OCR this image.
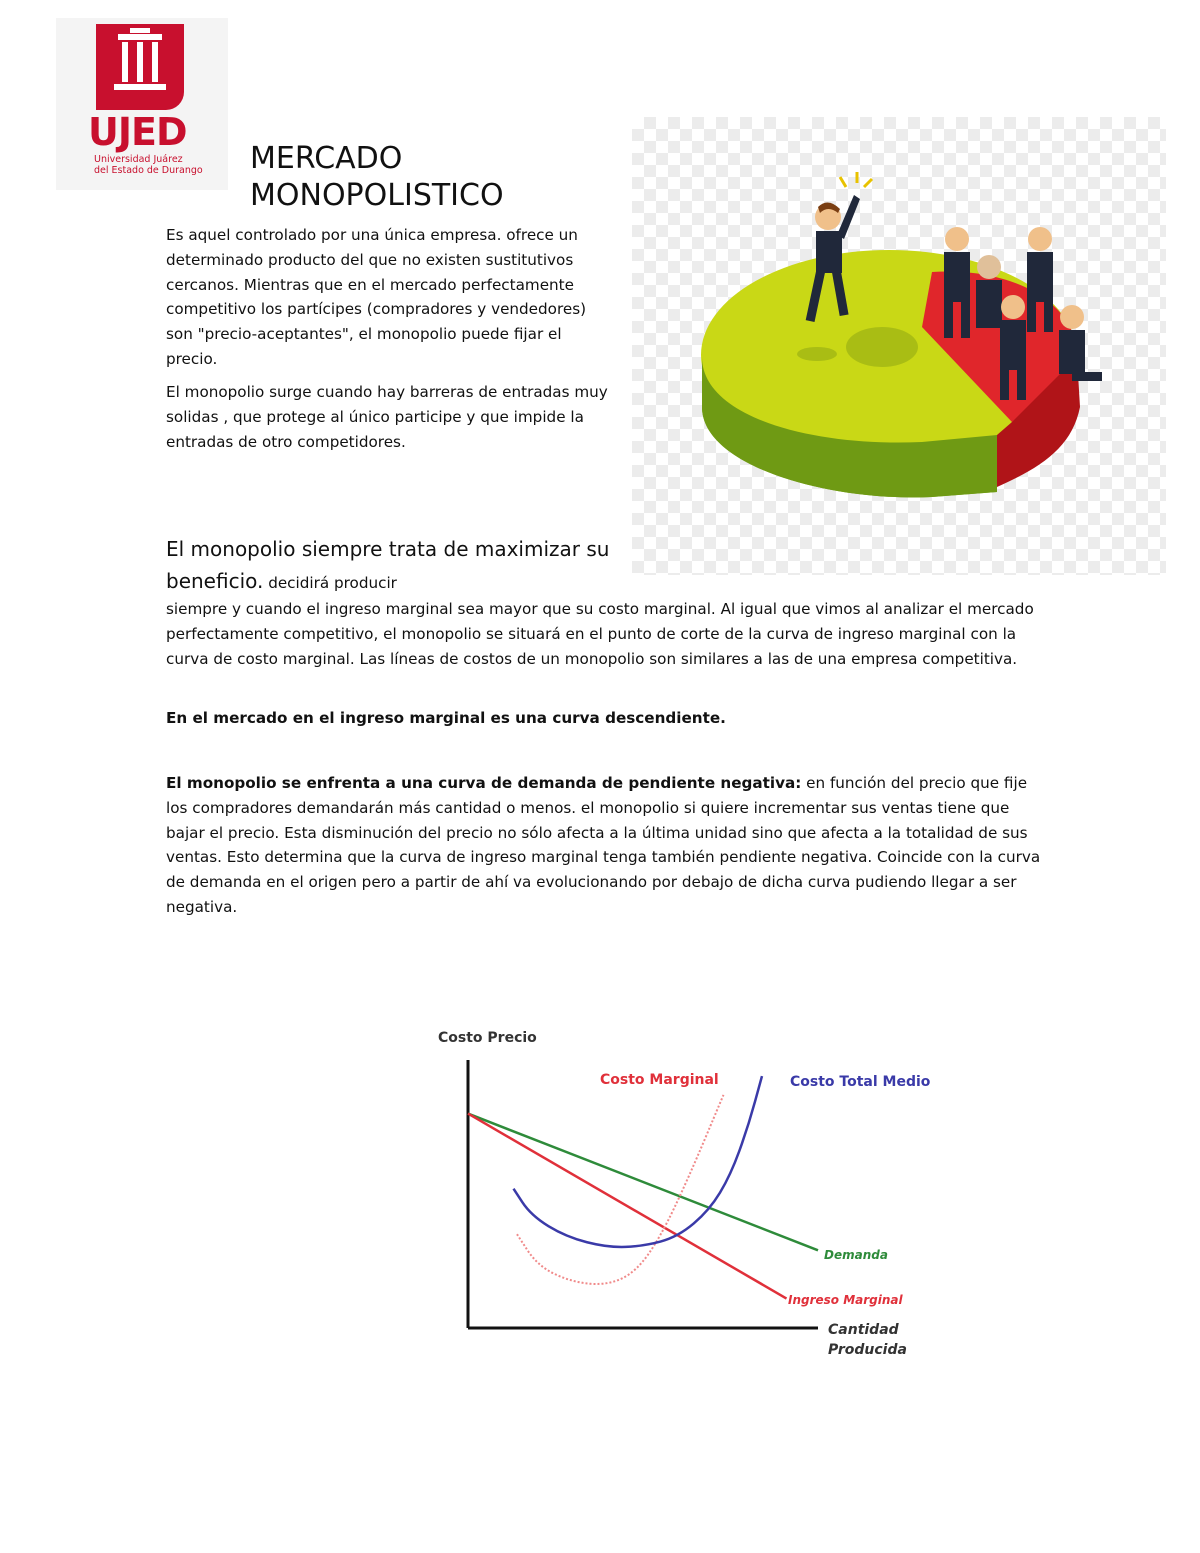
UJED
Universidad Juárez
del Estado de Durango	MERCADO
MONOPOLISTICO
Es aquel controlado por una única empresa. ofrece un determinado producto del que no existen sustitutivos cercanos. Mientras que en el mercado perfectamente competitivo los partícipes (compradores y vendedores) son "precio-aceptantes", el monopolio puede fijar el precio.
El monopolio surge cuando hay barreras de entradas muy solidas , que protege al único participe y que impide la entradas de otro competidores.
El monopolio siempre trata de maximizar su beneficio. decidirá producir
siempre y cuando el ingreso marginal sea mayor que su costo marginal. Al igual que vimos al analizar el mercado perfectamente competitivo, el monopolio se situará en el punto de corte de la curva de ingreso marginal con la curva de costo marginal. Las líneas de costos de un monopolio son similares a las de una empresa competitiva.
En el mercado en el ingreso marginal es una curva descendiente.
El monopolio se enfrenta a una curva de demanda de pendiente negativa: en función del precio que fije los compradores demandarán más cantidad o menos. el monopolio si quiere incrementar sus ventas tiene que bajar el precio. Esta disminución del precio no sólo afecta a la última unidad sino que afecta a la totalidad de sus ventas. Esto determina que la curva de ingreso marginal tenga también pendiente negativa. Coincide con la curva de demanda en el origen pero a partir de ahí va evolucionando por debajo de dicha curva pudiendo llegar a ser negativa.
Costo Precio
Cantidad
Producida
Costo Marginal	Costo Total Medio
Demanda
Ingreso Marginal
